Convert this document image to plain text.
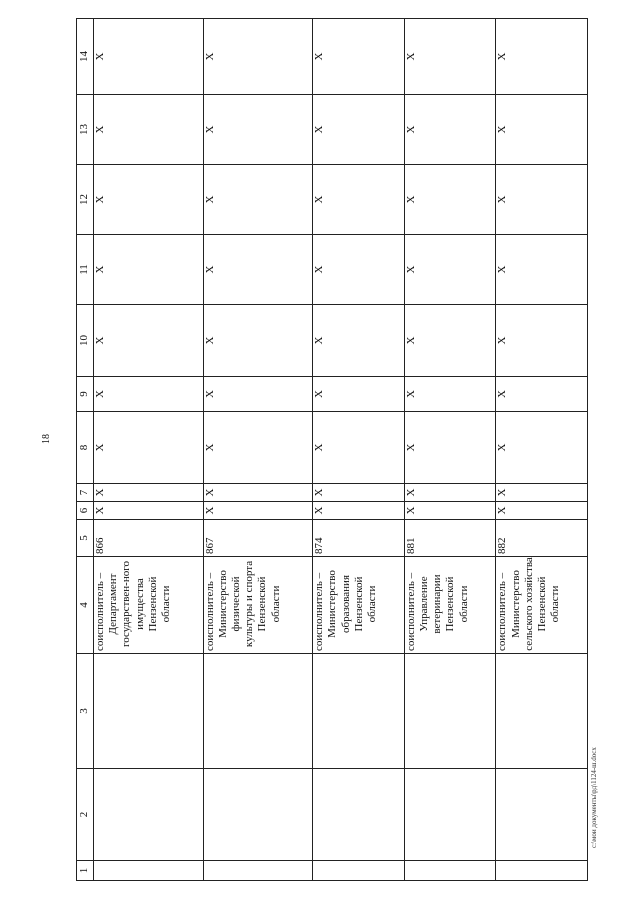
18
c:\мои документы\рд\1124-ш.docx
1	2	3	4	5	6	7	8	9	10	11	12	13	14

			соисполнитель – Департамент государствен-ного имущества Пензенской области	866	X	X	X	X	X	X	X	X	X

			соисполнитель – Министерство физической культуры и спорта Пензенской области	867	X	X	X	X	X	X	X	X	X

			соисполнитель – Министерство образования Пензенской области	874	X	X	X	X	X	X	X	X	X

			соисполнитель – Управление ветеринарии Пензенской области	881	X	X	X	X	X	X	X	X	X

			соисполнитель – Министерство сельского хозяйства Пензенской области	882	X	X	X	X	X	X	X	X	X
